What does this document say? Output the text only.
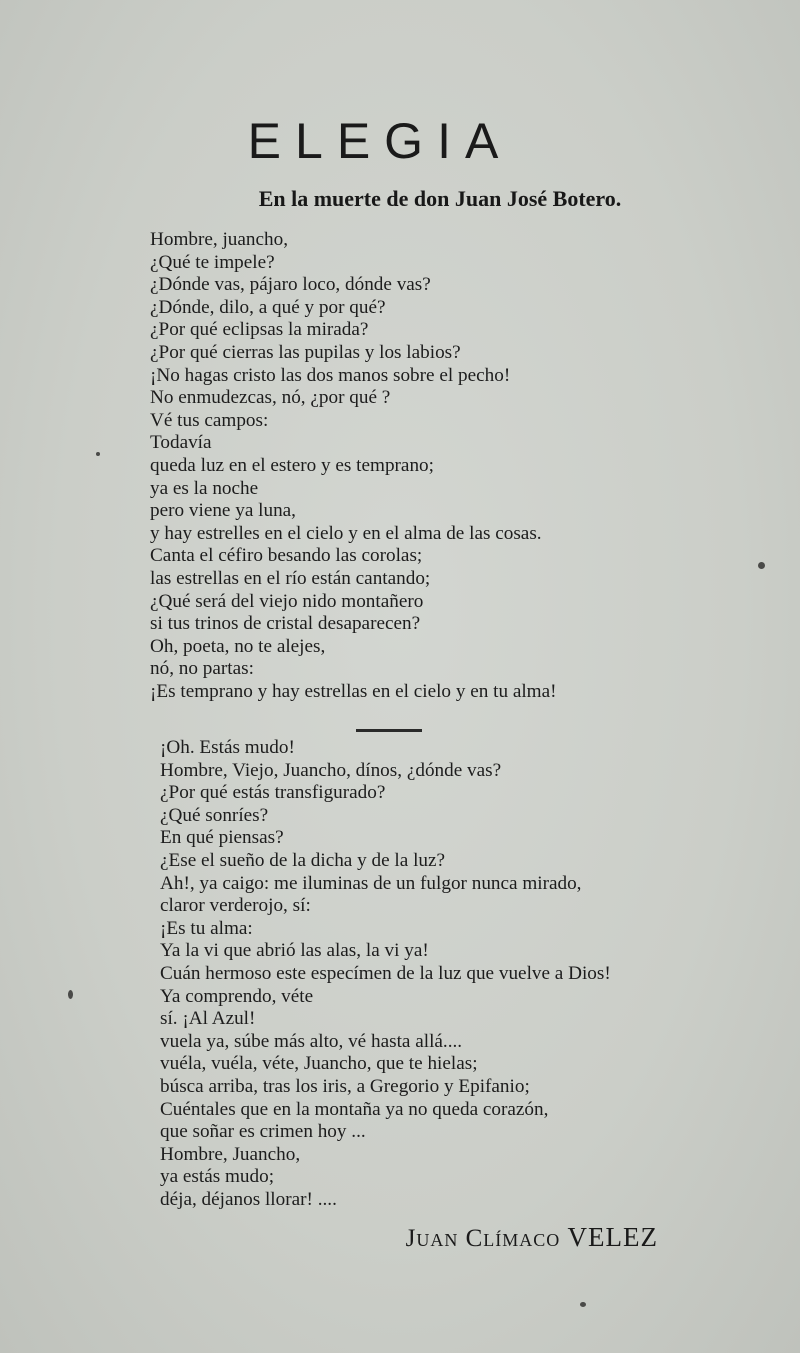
ELEGIA
En la muerte de don Juan José Botero.
Hombre, juancho,
¿Qué te impele?
¿Dónde vas, pájaro loco, dónde vas?
¿Dónde, dilo, a qué y por qué?
¿Por qué eclipsas la mirada?
¿Por qué cierras las pupilas y los labios?
¡No hagas cristo las dos manos sobre el pecho!
No enmudezcas, nó, ¿por qué ?
Vé tus campos:
Todavía
queda luz en el estero y es temprano;
ya es la noche
pero viene ya luna,
y hay estrelles en el cielo y en el alma de las cosas.
Canta el céfiro besando las corolas;
las estrellas en el río están cantando;
¿Qué será del viejo nido montañero
si tus trinos de cristal desaparecen?
Oh, poeta, no te alejes,
nó, no partas:
¡Es temprano y hay estrellas en el cielo y en tu alma!
¡Oh. Estás mudo!
Hombre, Viejo, Juancho, dínos, ¿dónde vas?
¿Por qué estás transfigurado?
¿Qué sonríes?
En qué piensas?
¿Ese el sueño de la dicha y de la luz?
Ah!, ya caigo: me iluminas de un fulgor nunca mirado,
claror verderojo, sí:
¡Es tu alma:
Ya la vi que abrió las alas, la vi ya!
Cuán hermoso este especímen de la luz que vuelve a Dios!
Ya comprendo, véte
sí. ¡Al Azul!
vuela ya, súbe más alto, vé hasta allá....
vuéla, vuéla, véte, Juancho, que te hielas;
búsca arriba, tras los iris, a Gregorio y Epifanio;
Cuéntales que en la montaña ya no queda corazón,
que soñar es crimen hoy ...
Hombre, Juancho,
ya estás mudo;
déja, déjanos llorar! ....
Juan Clímaco VELEZ
